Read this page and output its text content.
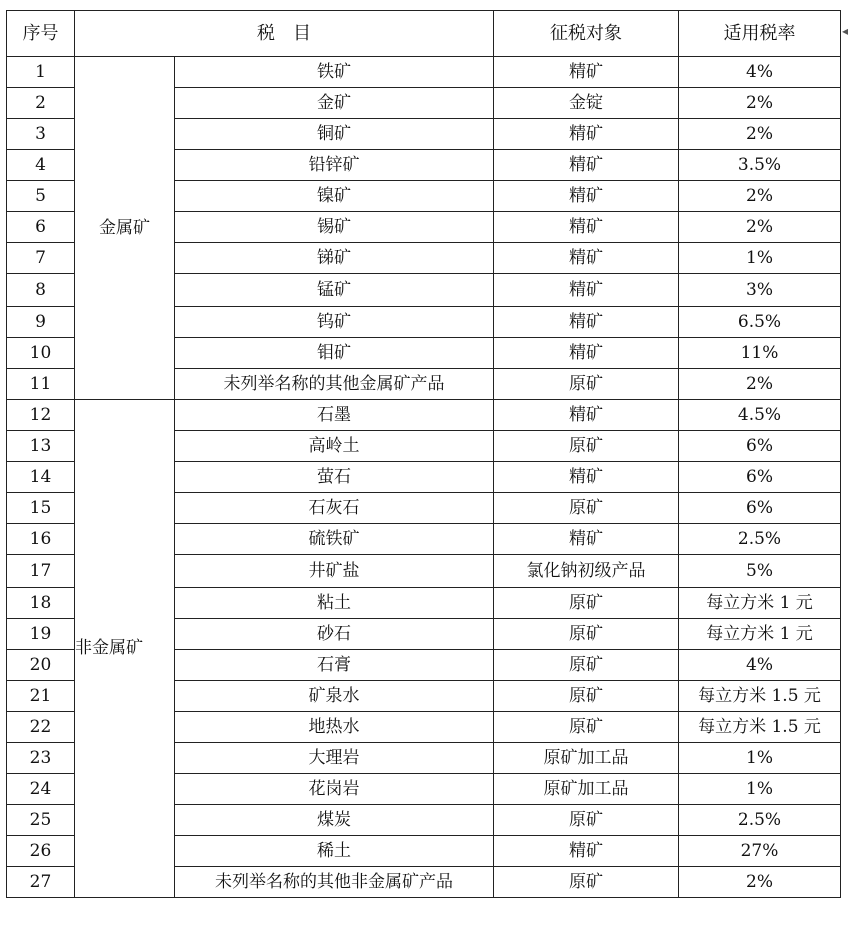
序号	税　目		征税对象	适用税率
1	金属矿	铁矿	精矿	4%
2		金矿	金锭	2%
3		铜矿	精矿	2%
4		铅锌矿	精矿	3.5%
5		镍矿	精矿	2%
6		锡矿	精矿	2%
7		锑矿	精矿	1%
8		锰矿	精矿	3%
9		钨矿	精矿	6.5%
10		钼矿	精矿	11%
11		未列举名称的其他金属矿产品	原矿	2%
12	非金属矿	石墨	精矿	4.5%
13		高岭土	原矿	6%
14		萤石	精矿	6%
15		石灰石	原矿	6%
16		硫铁矿	精矿	2.5%
17		井矿盐	氯化钠初级产品	5%
18		粘土	原矿	每立方米 1 元
19		砂石	原矿	每立方米 1 元
20		石膏	原矿	4%
21		矿泉水	原矿	每立方米 1.5 元
22		地热水	原矿	每立方米 1.5 元
23		大理岩	原矿加工品	1%
24		花岗岩	原矿加工品	1%
25		煤炭	原矿	2.5%
26		稀土	精矿	27%
27		未列举名称的其他非金属矿产品	原矿	2%
◂
